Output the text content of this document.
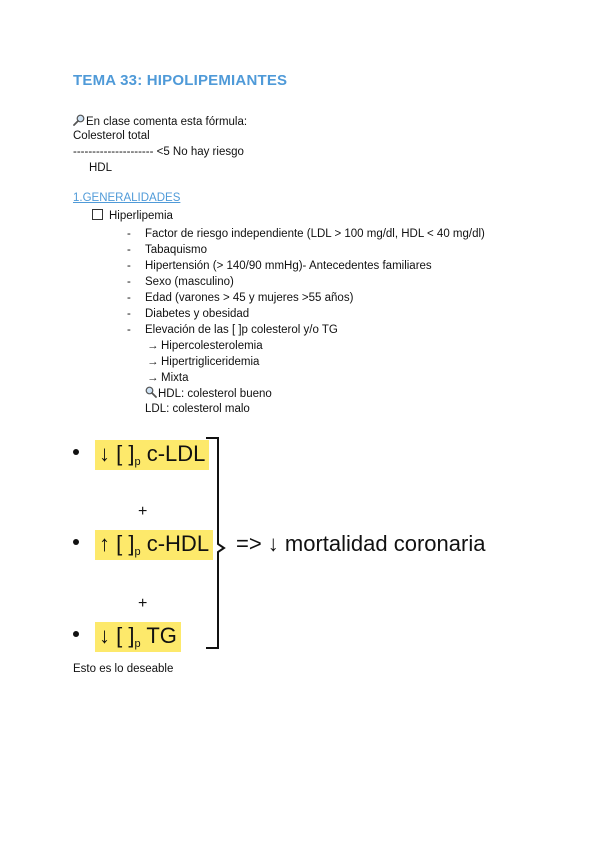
TEMA 33: HIPOLIPEMIANTES
En clase comenta esta fórmula:
Colesterol total
--------------------- <5 No hay riesgo
HDL
1.GENERALIDADES
Hiperlipemia
- Factor de riesgo independiente (LDL > 100 mg/dl, HDL < 40 mg/dl)
- Tabaquismo
- Hipertensión (> 140/90 mmHg)- Antecedentes familiares
- Sexo (masculino)
- Edad (varones > 45 y mujeres >55 años)
- Diabetes y obesidad
- Elevación de las [ ]p colesterol y/o TG
→ Hipercolesterolemia
→ Hipertrigliceridemia
→ Mixta
HDL: colesterol bueno
LDL: colesterol malo
↓ [ ]$_p$ c-LDL
+
↑ [ ]$_p$ c-HDL
+
↓ [ ]$_p$ TG
=> ↓ mortalidad coronaria
Esto es lo deseable
